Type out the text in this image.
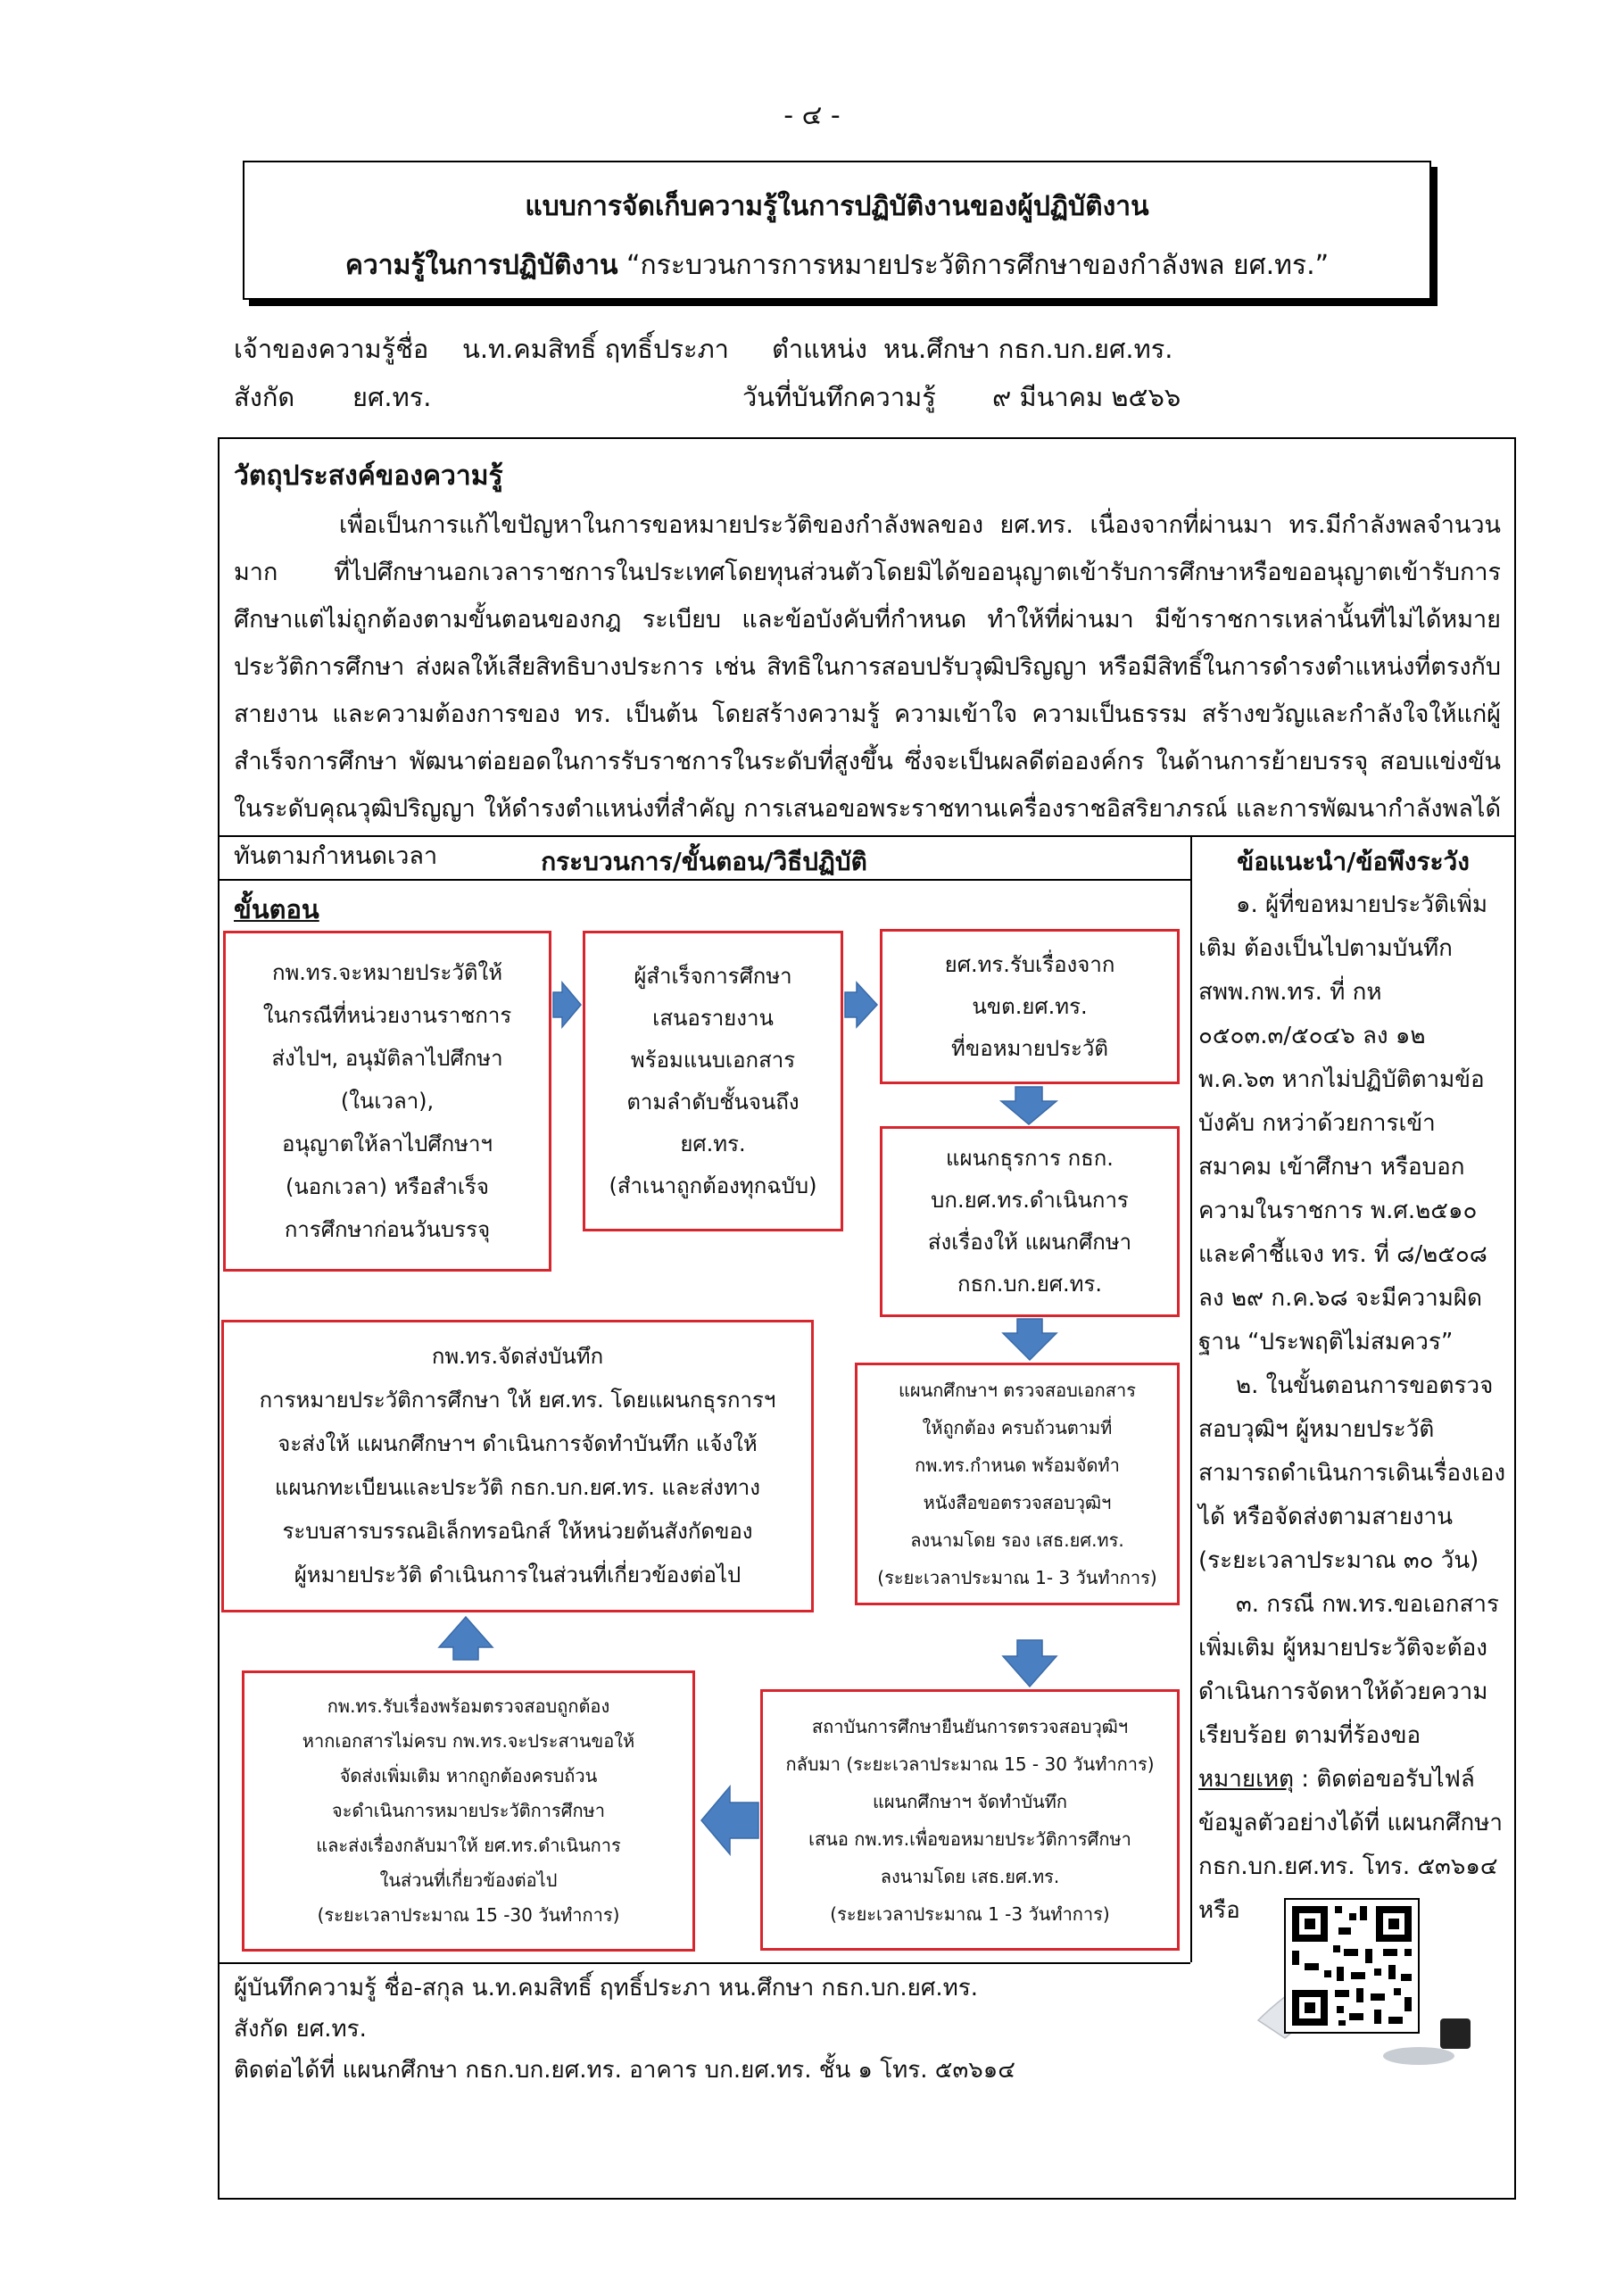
- ๔ -
แบบการจัดเก็บความรู้ในการปฏิบัติงานของผู้ปฏิบัติงาน
ความรู้ในการปฏิบัติงาน “กระบวนการการหมายประวัติการศึกษาของกำลังพล ยศ.ทร.”
เจ้าของความรู้ชื่อ น.ท.คมสิทธิ์ ฤทธิ์ประภา ตำแหน่ง หน.ศึกษา กธก.บก.ยศ.ทร.
สังกัด ยศ.ทร.	วันที่บันทึกความรู้ ๙ มีนาคม ๒๕๖๖
วัตถุประสงค์ของความรู้
เพื่อเป็นการแก้ไขปัญหาในการขอหมายประวัติของกำลังพลของ ยศ.ทร. เนื่องจากที่ผ่านมา ทร.มีกำลังพลจำนวนมาก ที่ไปศึกษานอกเวลาราชการในประเทศโดยทุนส่วนตัวโดยมิได้ขออนุญาตเข้ารับการศึกษาหรือขออนุญาตเข้ารับการศึกษาแต่ไม่ถูกต้องตามขั้นตอนของกฎ ระเบียบ และข้อบังคับที่กำหนด ทำให้ที่ผ่านมา มีข้าราชการเหล่านั้นที่ไม่ได้หมายประวัติการศึกษา ส่งผลให้เสียสิทธิบางประการ เช่น สิทธิในการสอบปรับวุฒิปริญญา หรือมีสิทธิ์ในการดำรงตำแหน่งที่ตรงกับสายงาน และความต้องการของ ทร. เป็นต้น โดยสร้างความรู้ ความเข้าใจ ความเป็นธรรม สร้างขวัญและกำลังใจให้แก่ผู้สำเร็จการศึกษา พัฒนาต่อยอดในการรับราชการในระดับที่สูงขึ้น ซึ่งจะเป็นผลดีต่อองค์กร ในด้านการย้ายบรรจุ สอบแข่งขันในระดับคุณวุฒิปริญญา ให้ดำรงตำแหน่งที่สำคัญ การเสนอขอพระราชทานเครื่องราชอิสริยาภรณ์ และการพัฒนากำลังพลได้ทันตามกำหนดเวลา	กระบวนการ/ขั้นตอน/วิธีปฏิบัติ	ข้อแนะนำ/ข้อพึงระวัง
ขั้นตอน
กพ.ทร.จะหมายประวัติให้
ในกรณีที่หน่วยงานราชการ
ส่งไปฯ, อนุมัติลาไปศึกษา
(ในเวลา),
อนุญาตให้ลาไปศึกษาฯ
(นอกเวลา) หรือสำเร็จ
การศึกษาก่อนวันบรรจุ
ผู้สำเร็จการศึกษา
เสนอรายงาน
พร้อมแนบเอกสาร
ตามลำดับชั้นจนถึง
ยศ.ทร.
(สำเนาถูกต้องทุกฉบับ)
ยศ.ทร.รับเรื่องจาก
นขต.ยศ.ทร.
ที่ขอหมายประวัติ
แผนกธุรการ กธก.
บก.ยศ.ทร.ดำเนินการ
ส่งเรื่องให้ แผนกศึกษา
กธก.บก.ยศ.ทร.
แผนกศึกษาฯ ตรวจสอบเอกสาร
ให้ถูกต้อง ครบถ้วนตามที่
กพ.ทร.กำหนด พร้อมจัดทำ
หนังสือขอตรวจสอบวุฒิฯ
ลงนามโดย รอง เสธ.ยศ.ทร.
(ระยะเวลาประมาณ 1- 3 วันทำการ)
สถาบันการศึกษายืนยันการตรวจสอบวุฒิฯ
กลับมา (ระยะเวลาประมาณ 15 - 30 วันทำการ)
แผนกศึกษาฯ จัดทำบันทึก
เสนอ กพ.ทร.เพื่อขอหมายประวัติการศึกษา
ลงนามโดย เสธ.ยศ.ทร.
(ระยะเวลาประมาณ 1 -3 วันทำการ)
กพ.ทร.รับเรื่องพร้อมตรวจสอบถูกต้อง
หากเอกสารไม่ครบ กพ.ทร.จะประสานขอให้
จัดส่งเพิ่มเติม หากถูกต้องครบถ้วน
จะดำเนินการหมายประวัติการศึกษา
และส่งเรื่องกลับมาให้ ยศ.ทร.ดำเนินการ
ในส่วนที่เกี่ยวข้องต่อไป
(ระยะเวลาประมาณ 15 -30 วันทำการ)
กพ.ทร.จัดส่งบันทึก
การหมายประวัติการศึกษา ให้ ยศ.ทร. โดยแผนกธุรการฯ
จะส่งให้ แผนกศึกษาฯ ดำเนินการจัดทำบันทึก แจ้งให้
แผนกทะเบียนและประวัติ กธก.บก.ยศ.ทร. และส่งทาง
ระบบสารบรรณอิเล็กทรอนิกส์ ให้หน่วยต้นสังกัดของ
ผู้หมายประวัติ ดำเนินการในส่วนที่เกี่ยวข้องต่อไป

๑. ผู้ที่ขอหมายประวัติเพิ่มเติม ต้องเป็นไปตามบันทึก สพพ.กพ.ทร. ที่ กห ๐๕๐๓.๓/๕๐๔๖ ลง ๑๒ พ.ค.๖๓ หากไม่ปฏิบัติตามข้อบังคับ กหว่าด้วยการเข้าสมาคม เข้าศึกษา หรือบอกความในราชการ พ.ศ.๒๕๑๐ และคำชี้แจง ทร. ที่ ๘/๒๕๐๘ ลง ๒๙ ก.ค.๖๘ จะมีความผิดฐาน “ประพฤติไม่สมควร”

๒. ในขั้นตอนการขอตรวจสอบวุฒิฯ ผู้หมายประวัติสามารถดำเนินการเดินเรื่องเองได้ หรือจัดส่งตามสายงาน (ระยะเวลาประมาณ ๓๐ วัน)

๓. กรณี กพ.ทร.ขอเอกสารเพิ่มเติม ผู้หมายประวัติจะต้องดำเนินการจัดหาให้ด้วยความเรียบร้อย ตามที่ร้องขอ

หมายเหตุ : ติดต่อขอรับไฟล์ข้อมูลตัวอย่างได้ที่ แผนกศึกษา กธก.บก.ยศ.ทร. โทร. ๕๓๖๑๔ หรือ

ผู้บันทึกความรู้ ชื่อ-สกุล น.ท.คมสิทธิ์ ฤทธิ์ประภา หน.ศึกษา กธก.บก.ยศ.ทร.
สังกัด ยศ.ทร.
ติดต่อได้ที่ แผนกศึกษา กธก.บก.ยศ.ทร. อาคาร บก.ยศ.ทร. ชั้น ๑ โทร. ๕๓๖๑๔
